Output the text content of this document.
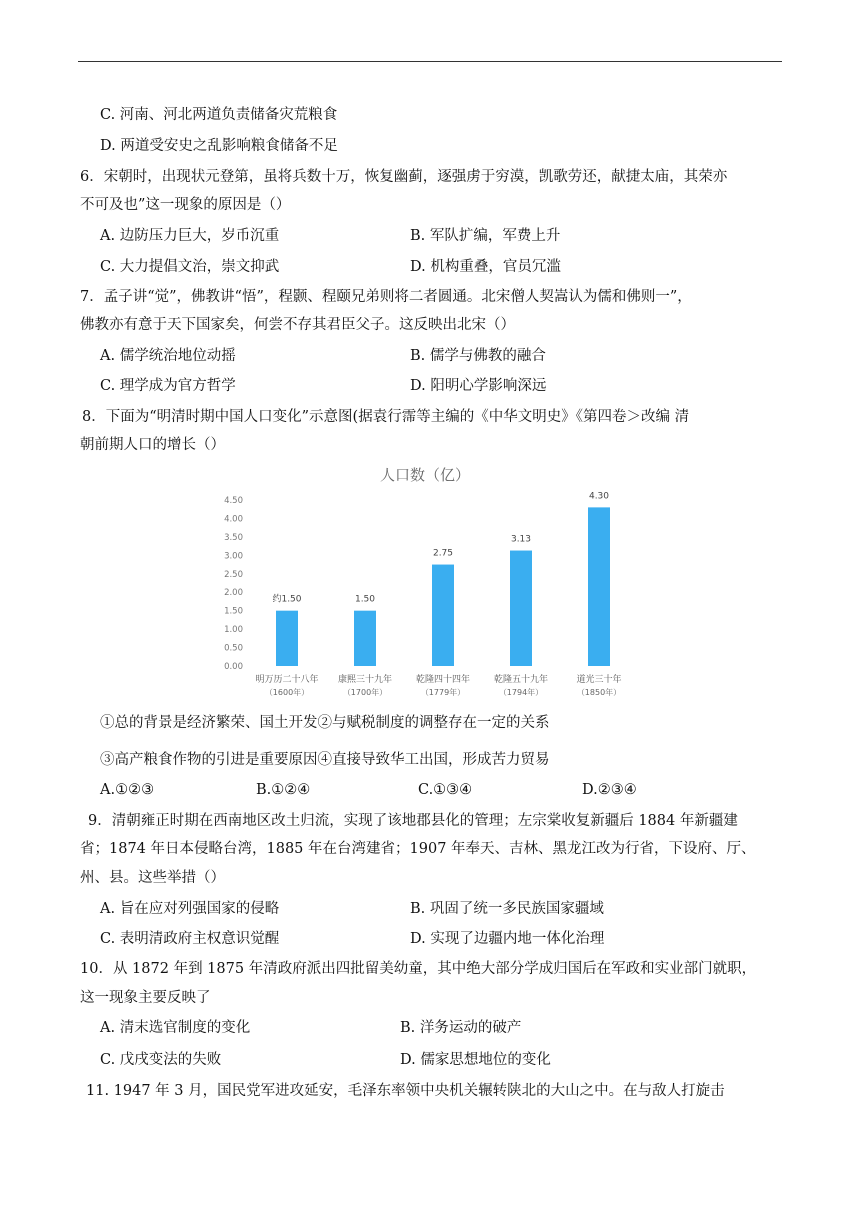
C. 河南、河北两道负责储备灾荒粮食
D. 两道受安史之乱影响粮食储备不足
6．宋朝时，出现状元登第，虽将兵数十万，恢复幽蓟，逐强虏于穷漠，凯歌劳还，献捷太庙，其荣亦
不可及也”这一现象的原因是（）
A. 边防压力巨大，岁币沉重	B. 军队扩编，军费上升
C. 大力提倡文治，崇文抑武	D. 机构重叠，官员冗滥
7．孟子讲“觉”，佛教讲“悟”，程颢、程颐兄弟则将二者圆通。北宋僧人契嵩认为儒和佛则一”，
佛教亦有意于天下国家矣，何尝不存其君臣父子。这反映出北宋（）
A. 儒学统治地位动摇	B. 儒学与佛教的融合
C. 理学成为官方哲学	D. 阳明心学影响深远
8．下面为“明清时期中国人口变化”示意图(据袁行霈等主编的《中华文明史》《第四卷＞改编 清
朝前期人口的增长（）
人口数（亿）
0.00
0.50
1.00
1.50
2.00
2.50
3.00
3.50
4.00
4.50
约1.50
明万历二十八年
（1600年）
1.50
康熙三十九年
（1700年）
2.75
乾隆四十四年
（1779年）
3.13
乾隆五十九年
（1794年）
4.30
道光三十年
（1850年）
①总的背景是经济繁荣、国土开发②与赋税制度的调整存在一定的关系
③高产粮食作物的引进是重要原因④直接导致华工出国，形成苦力贸易
A.①②③	B.①②④	C.①③④	D.②③④
9．清朝雍正时期在西南地区改土归流，实现了该地郡县化的管理；左宗棠收复新疆后 1884 年新疆建
省；1874 年日本侵略台湾，1885 年在台湾建省；1907 年奉天、吉林、黑龙江改为行省，下设府、厅、
州、县。这些举措（）
A. 旨在应对列强国家的侵略	B. 巩固了统一多民族国家疆域
C. 表明清政府主权意识觉醒	D. 实现了边疆内地一体化治理
10．从 1872 年到 1875 年清政府派出四批留美幼童，其中绝大部分学成归国后在军政和实业部门就职，
这一现象主要反映了
A. 清末选官制度的变化	B. 洋务运动的破产
C. 戊戌变法的失败	D. 儒家思想地位的变化
11. 1947 年 3 月，国民党军进攻延安，毛泽东率领中央机关辗转陕北的大山之中。在与敌人打旋击
